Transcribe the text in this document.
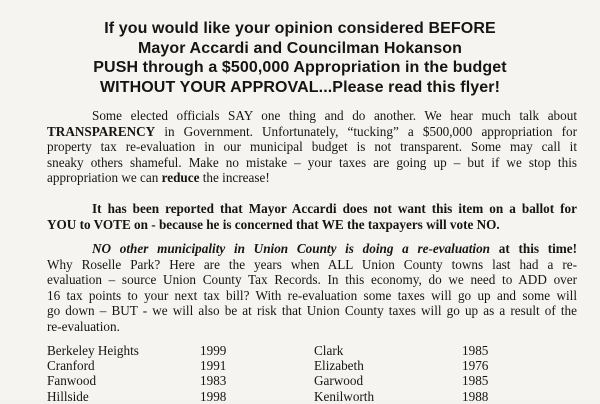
If you would like your opinion considered BEFORE
Mayor Accardi and Councilman Hokanson
PUSH through a $500,000 Appropriation in the budget
WITHOUT YOUR APPROVAL...Please read this flyer!
Some elected officials SAY one thing and do another. We hear much talk about
TRANSPARENCY in Government. Unfortunately, “tucking” a $500,000 appropriation for
property tax re-evaluation in our municipal budget is not transparent. Some may call it
sneaky others shameful. Make no mistake – your taxes are going up – but if we stop this
appropriation we can reduce the increase!
It has been reported that Mayor Accardi does not want this item on a ballot for
YOU to VOTE on - because he is concerned that WE the taxpayers will vote NO.
NO other municipality in Union County is doing a re-evaluation at this time!
Why Roselle Park? Here are the years when ALL Union County towns last had a re-
evaluation – source Union County Tax Records. In this economy, do we need to ADD over
16 tax points to your next tax bill? With re-evaluation some taxes will go up and some will
go down – BUT - we will also be at risk that Union County taxes will go up as a result of the
re-evaluation.
Berkeley Heights	1999	Clark	1985
Cranford	1991	Elizabeth	1976
Fanwood	1983	Garwood	1985
Hillside	1998	Kenilworth	1988
